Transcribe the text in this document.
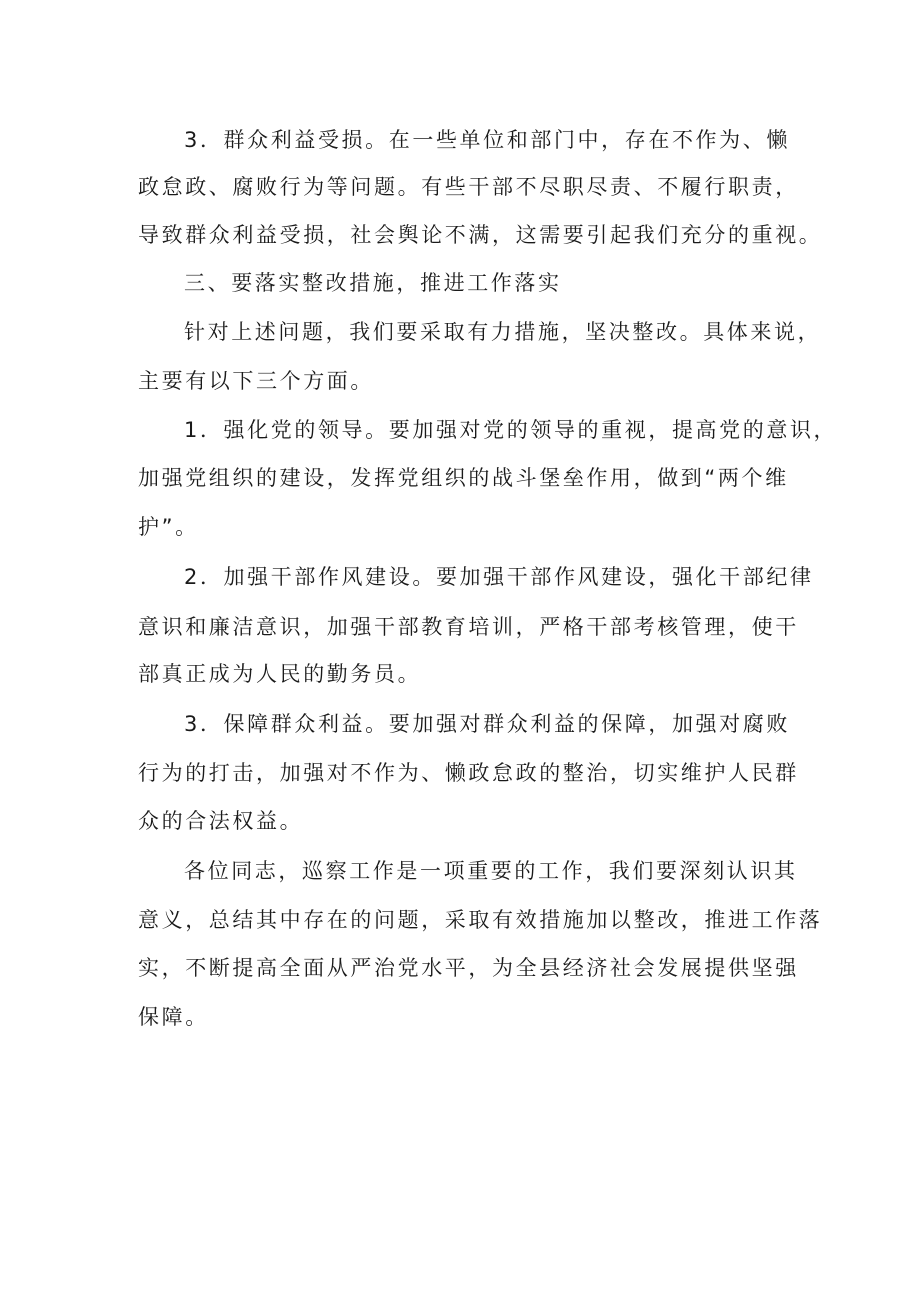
3．群众利益受损。在一些单位和部门中，存在不作为、懒
政怠政、腐败行为等问题。有些干部不尽职尽责、不履行职责，
导致群众利益受损，社会舆论不满，这需要引起我们充分的重视。
三、要落实整改措施，推进工作落实
针对上述问题，我们要采取有力措施，坚决整改。具体来说，
主要有以下三个方面。
1．强化党的领导。要加强对党的领导的重视，提高党的意识，
加强党组织的建设，发挥党组织的战斗堡垒作用，做到“两个维
护”。
2．加强干部作风建设。要加强干部作风建设，强化干部纪律
意识和廉洁意识，加强干部教育培训，严格干部考核管理，使干
部真正成为人民的勤务员。
3．保障群众利益。要加强对群众利益的保障，加强对腐败
行为的打击，加强对不作为、懒政怠政的整治，切实维护人民群
众的合法权益。
各位同志，巡察工作是一项重要的工作，我们要深刻认识其
意义，总结其中存在的问题，采取有效措施加以整改，推进工作落
实，不断提高全面从严治党水平，为全县经济社会发展提供坚强
保障。
